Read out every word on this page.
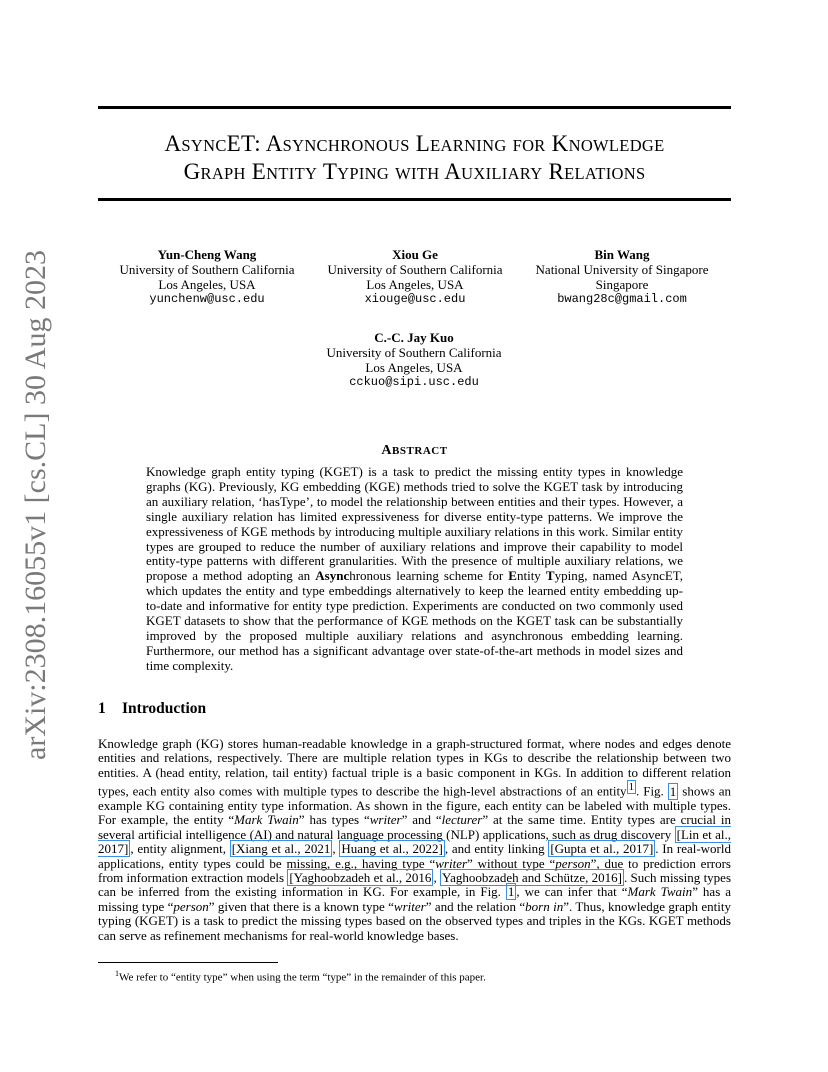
arXiv:2308.16055v1 [cs.CL] 30 Aug 2023
ASYNCET: ASYNCHRONOUS LEARNING FOR KNOWLEDGE
GRAPH ENTITY TYPING WITH AUXILIARY RELATIONS
Yun-Cheng Wang
University of Southern California
Los Angeles, USA
yunchenw@usc.edu
Xiou Ge
University of Southern California
Los Angeles, USA
xiouge@usc.edu
Bin Wang
National University of Singapore
Singapore
bwang28c@gmail.com
C.-C. Jay Kuo
University of Southern California
Los Angeles, USA
cckuo@sipi.usc.edu
ABSTRACT
Knowledge graph entity typing (KGET) is a task to predict the missing entity types in knowledge graphs (KG). Previously, KG embedding (KGE) methods tried to solve the KGET task by introducing an auxiliary relation, ‘hasType’, to model the relationship between entities and their types. However, a single auxiliary relation has limited expressiveness for diverse entity-type patterns. We improve the expressiveness of KGE methods by introducing multiple auxiliary relations in this work. Similar entity types are grouped to reduce the number of auxiliary relations and improve their capability to model entity-type patterns with different granularities. With the presence of multiple auxiliary relations, we propose a method adopting an Asynchronous learning scheme for Entity Typing, named AsyncET, which updates the entity and type embeddings alternatively to keep the learned entity embedding up-to-date and informative for entity type prediction. Experiments are conducted on two commonly used KGET datasets to show that the performance of KGE methods on the KGET task can be substantially improved by the proposed multiple auxiliary relations and asynchronous embedding learning. Furthermore, our method has a significant advantage over state-of-the-art methods in model sizes and time complexity.
1 Introduction
Knowledge graph (KG) stores human-readable knowledge in a graph-structured format, where nodes and edges denote entities and relations, respectively. There are multiple relation types in KGs to describe the relationship between two entities. A (head entity, relation, tail entity) factual triple is a basic component in KGs. In addition to different relation types, each entity also comes with multiple types to describe the high-level abstractions of an entity $^1$ . Fig. 1 shows an example KG containing entity type information. As shown in the figure, each entity can be labeled with multiple types. For example, the entity “Mark Twain” has types “writer” and “lecturer” at the same time. Entity types are crucial in several artificial intelligence (AI) and natural language processing (NLP) applications, such as drug discovery [Lin et al., 2017] , entity alignment, [Xiang et al., 2021 , Huang et al., 2022] , and entity linking [Gupta et al., 2017] . In real-world applications, entity types could be missing, e.g., having type “writer” without type “person”, due to prediction errors from information extraction models [Yaghoobzadeh et al., 2016 , Yaghoobzadeh and Schütze, 2016] . Such missing types can be inferred from the existing information in KG. For example, in Fig. 1 , we can infer that “Mark Twain” has a missing type “person” given that there is a known type “writer” and the relation “born in”. Thus, knowledge graph entity typing (KGET) is a task to predict the missing types based on the observed types and triples in the KGs. KGET methods can serve as refinement mechanisms for real-world knowledge bases.
$^1$We refer to “entity type” when using the term “type” in the remainder of this paper.
